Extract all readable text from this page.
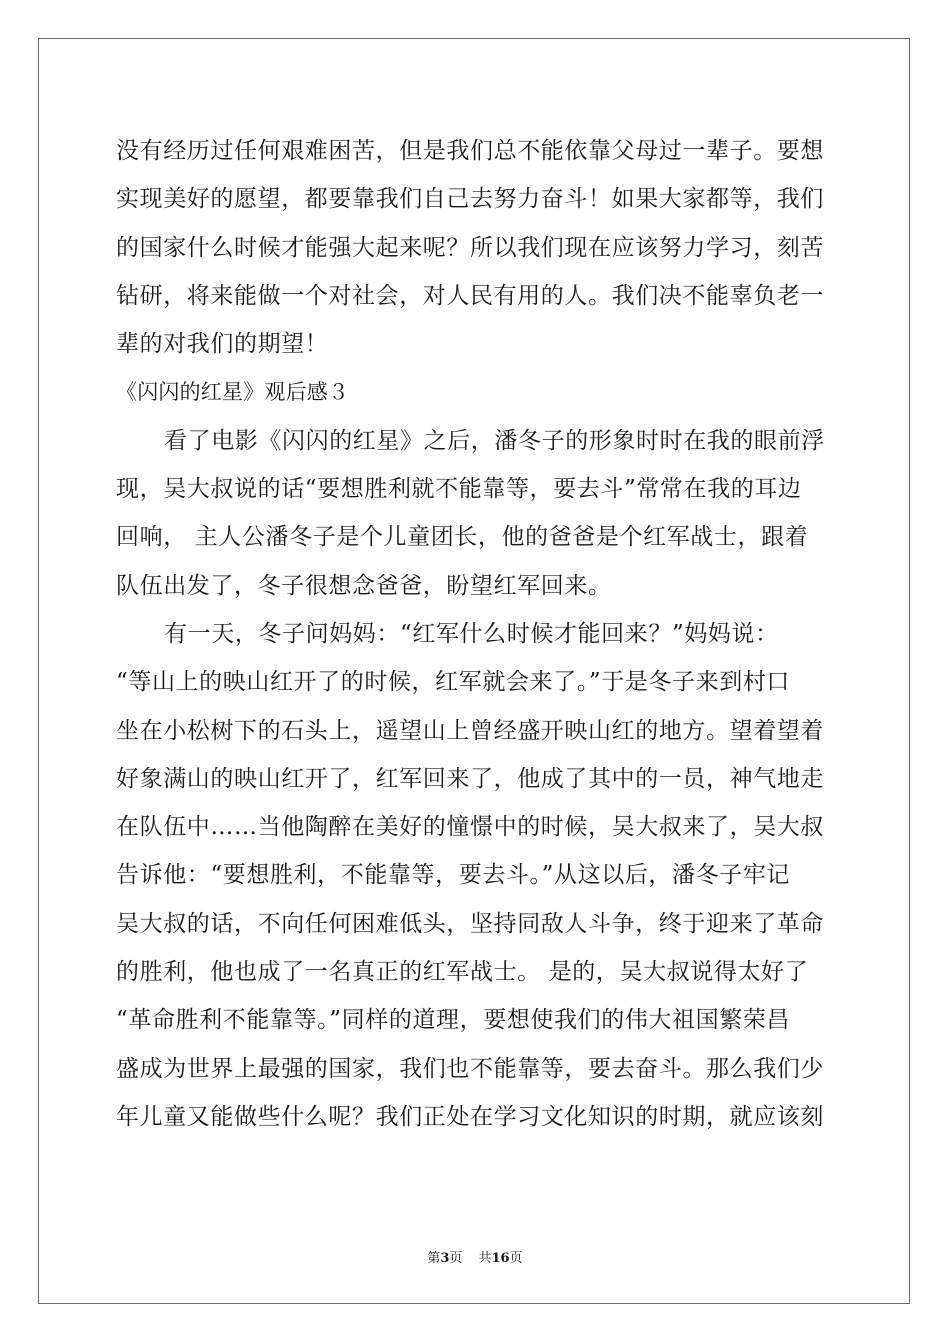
没有经历过任何艰难困苦，但是我们总不能依靠父母过一辈子。要想
实现美好的愿望，都要靠我们自己去努力奋斗！如果大家都等，我们
的国家什么时候才能强大起来呢？所以我们现在应该努力学习，刻苦
钻研，将来能做一个对社会，对人民有用的人。我们决不能辜负老一
辈的对我们的期望！
《闪闪的红星》观后感３
看了电影《闪闪的红星》之后，潘冬子的形象时时在我的眼前浮
现，吴大叔说的话“要想胜利就不能靠等，要去斗”常常在我的耳边
回响， 主人公潘冬子是个儿童团长，他的爸爸是个红军战士，跟着
队伍出发了，冬子很想念爸爸，盼望红军回来。
有一天，冬子问妈妈：“红军什么时候才能回来？”妈妈说：
“等山上的映山红开了的时候，红军就会来了。”于是冬子来到村口
坐在小松树下的石头上，遥望山上曾经盛开映山红的地方。望着望着
好象满山的映山红开了，红军回来了，他成了其中的一员，神气地走
在队伍中……当他陶醉在美好的憧憬中的时候，吴大叔来了，吴大叔
告诉他：“要想胜利，不能靠等，要去斗。”从这以后，潘冬子牢记
吴大叔的话，不向任何困难低头，坚持同敌人斗争，终于迎来了革命
的胜利，他也成了一名真正的红军战士。 是的，吴大叔说得太好了
“革命胜利不能靠等。”同样的道理，要想使我们的伟大祖国繁荣昌
盛成为世界上最强的国家，我们也不能靠等，要去奋斗。那么我们少
年儿童又能做些什么呢？我们正处在学习文化知识的时期，就应该刻
第3页 共16页
